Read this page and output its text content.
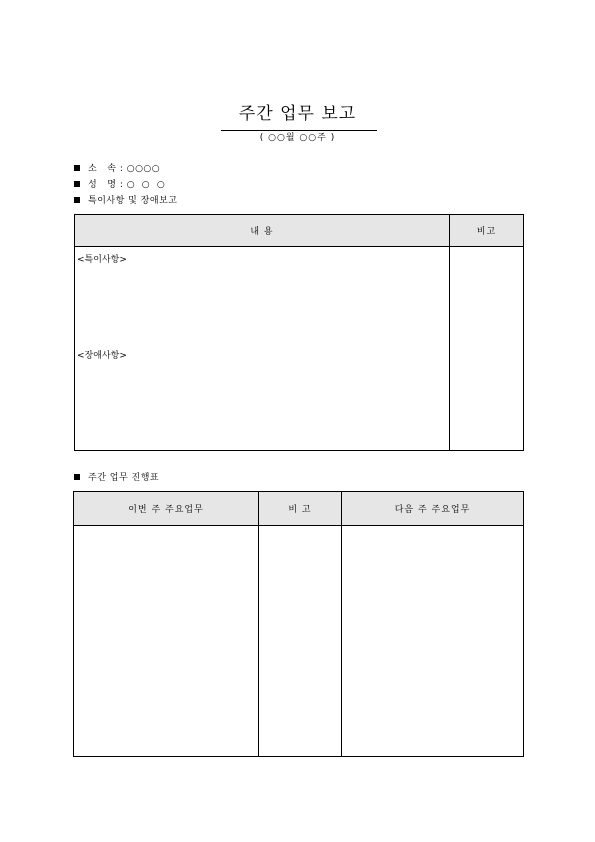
주간 업무 보고
( ○○월 ○○주 )
소   속 : ○○○○
성   명 : ○  ○  ○
특이사항 및 장애보고
내 용	비고

<특이사항>
<장애사항>	

주간 업무 진행표
이번 주 주요업무	비 고	다음 주 주요업무
